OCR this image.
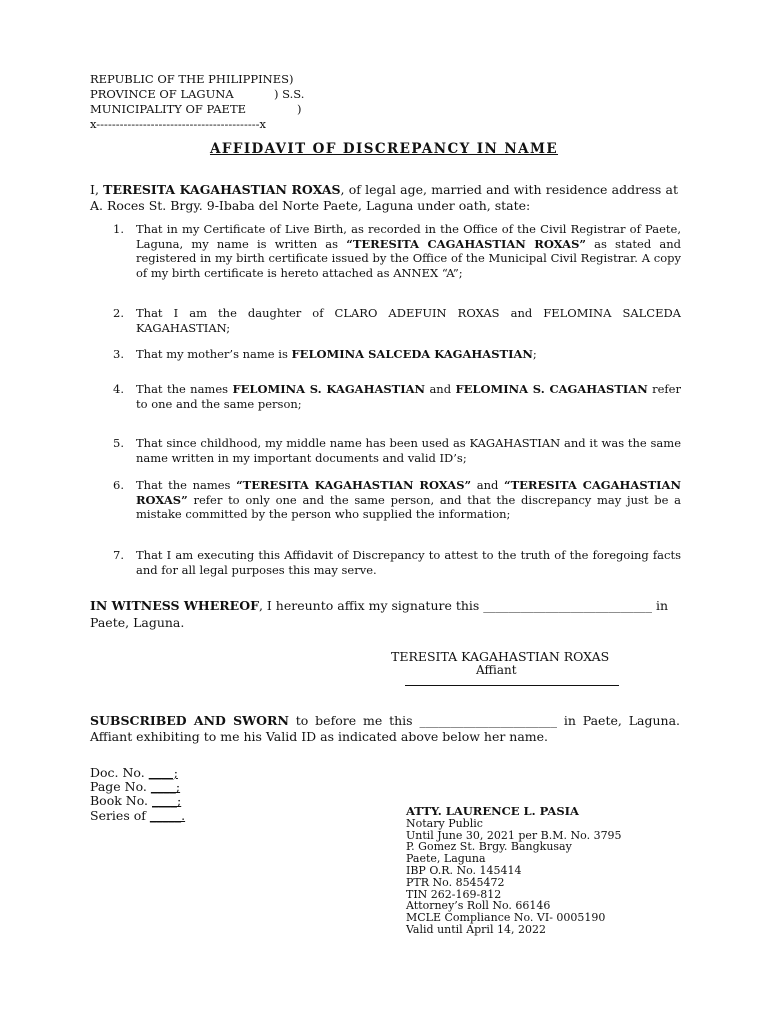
REPUBLIC OF THE PHILIPPINES)
PROVINCE OF LAGUNA	) S.S.
MUNICIPALITY OF PAETE	)
x------------------------------------------x
AFFIDAVIT OF DISCREPANCY IN NAME
I, TERESITA KAGAHASTIAN ROXAS, of legal age, married and with residence address at A. Roces St. Brgy. 9-Ibaba del Norte Paete, Laguna under oath, state:
1. That in my Certificate of Live Birth, as recorded in the Office of the Civil Registrar of Paete, Laguna, my name is written as “TERESITA CAGAHASTIAN ROXAS” as stated and registered in my birth certificate issued by the Office of the Municipal Civil Registrar. A copy of my birth certificate is hereto attached as ANNEX “A”;
2. That I am the daughter of CLARO ADEFUIN ROXAS and FELOMINA SALCEDA KAGAHASTIAN;
3. That my mother’s name is FELOMINA SALCEDA KAGAHASTIAN;
4. That the names FELOMINA S. KAGAHASTIAN and FELOMINA S. CAGAHASTIAN refer to one and the same person;
5. That since childhood, my middle name has been used as KAGAHASTIAN and it was the same name written in my important documents and valid ID’s;
6. That the names “TERESITA KAGAHASTIAN ROXAS” and “TERESITA CAGAHASTIAN ROXAS” refer to only one and the same person, and that the discrepancy may just be a mistake committed by the person who supplied the information;
7. That I am executing this Affidavit of Discrepancy to attest to the truth of the foregoing facts and for all legal purposes this may serve.
IN WITNESS WHEREOF, I hereunto affix my signature this ___________________________ in Paete, Laguna.
TERESITA KAGAHASTIAN ROXAS
Affiant
SUBSCRIBED AND SWORN to before me this ______________________ in Paete, Laguna. Affiant exhibiting to me his Valid ID as indicated above below her name.
Doc. No. ____;
Page No. ____;
Book No. ____;
Series of _____.	ATTY. LAURENCE L. PASIA
Notary Public
Until June 30, 2021 per B.M. No. 3795
P. Gomez St. Brgy. Bangkusay
Paete, Laguna
IBP O.R. No. 145414
PTR No. 8545472
TIN 262-169-812
Attorney’s Roll No. 66146
MCLE Compliance No. VI- 0005190
Valid until April 14, 2022
